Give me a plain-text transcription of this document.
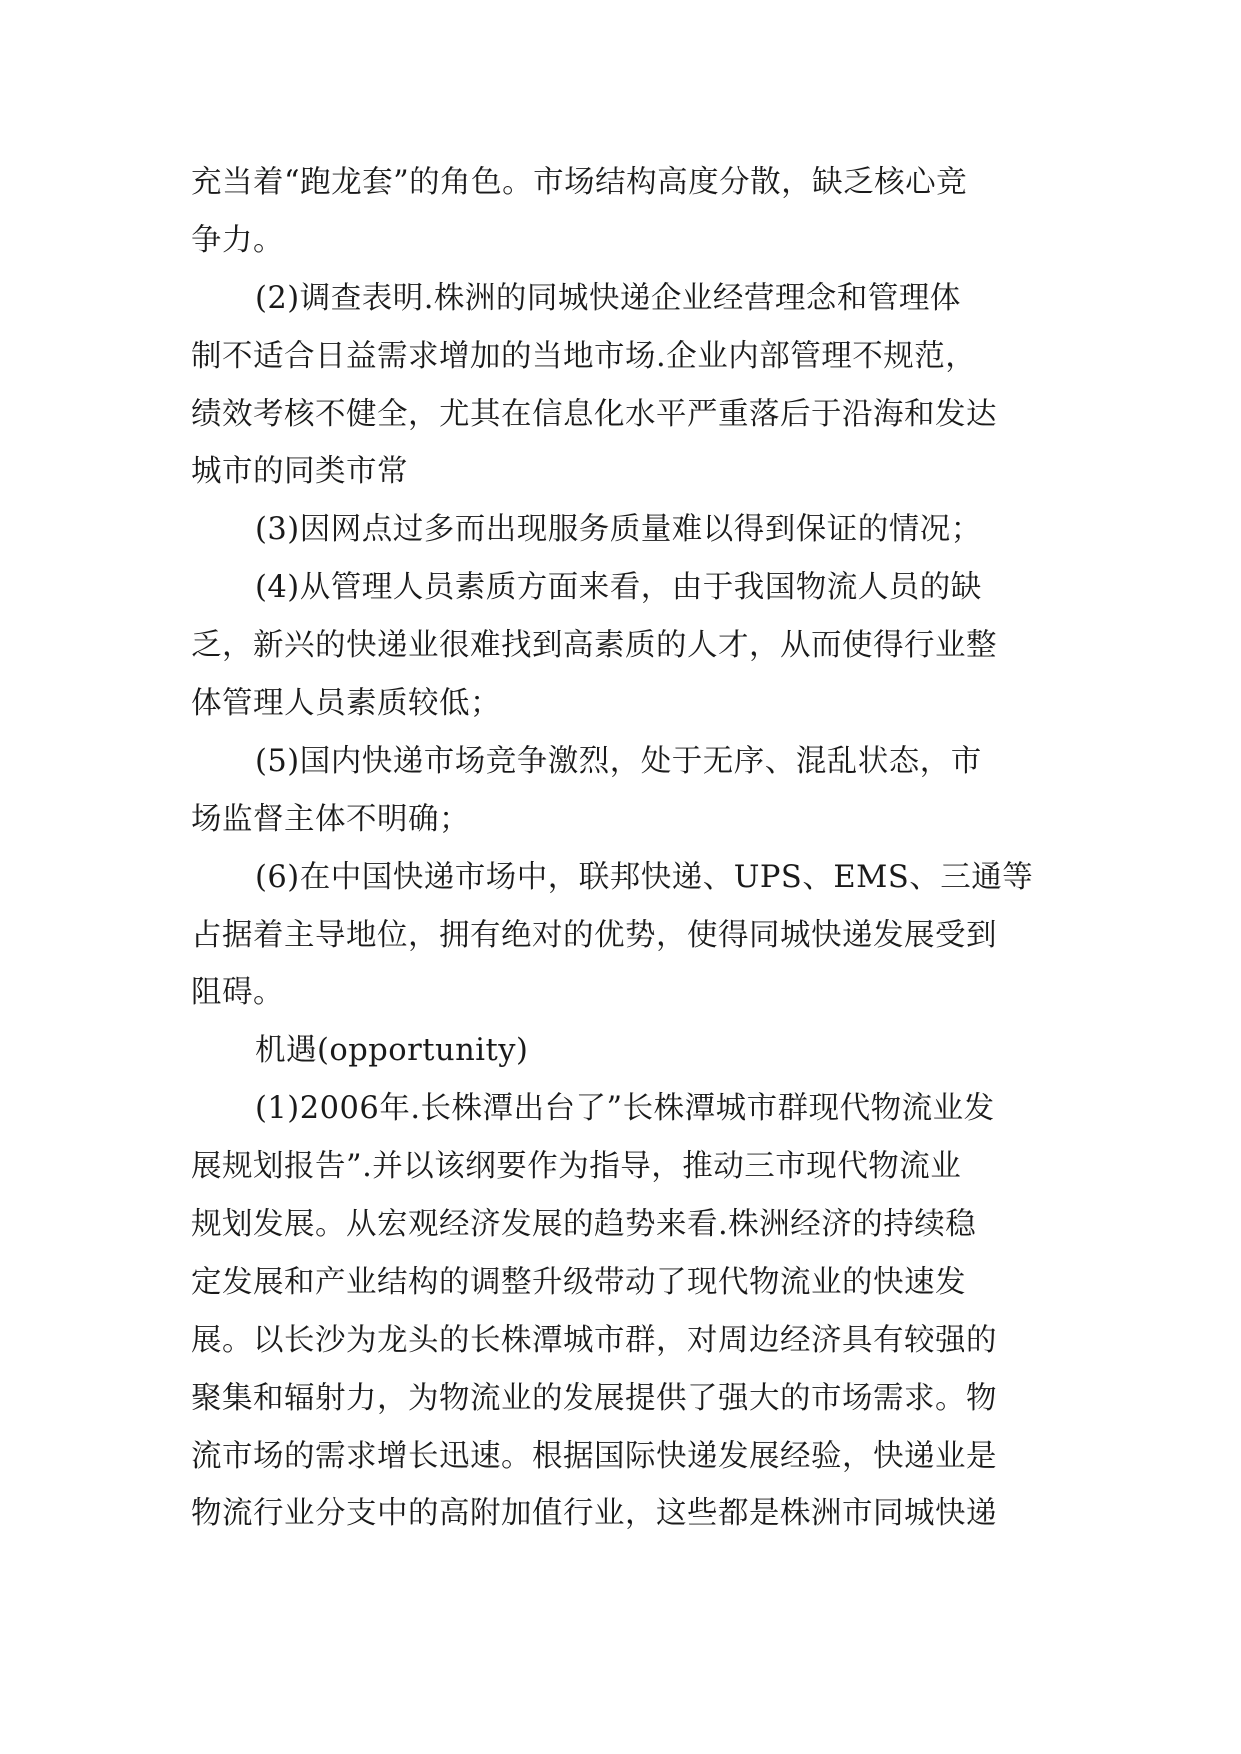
充当着“跑龙套”的角色。市场结构高度分散，缺乏核心竞
争力。
(2)调查表明.株洲的同城快递企业经营理念和管理体
制不适合日益需求增加的当地市场.企业内部管理不规范，
绩效考核不健全，尤其在信息化水平严重落后于沿海和发达
城市的同类市常
(3)因网点过多而出现服务质量难以得到保证的情况；
(4)从管理人员素质方面来看，由于我国物流人员的缺
乏，新兴的快递业很难找到高素质的人才，从而使得行业整
体管理人员素质较低；
(5)国内快递市场竞争激烈，处于无序、混乱状态，市
场监督主体不明确；
(6)在中国快递市场中，联邦快递、UPS、EMS、三通等
占据着主导地位，拥有绝对的优势，使得同城快递发展受到
阻碍。
机遇(opportunity)
(1)2006年.长株潭出台了”长株潭城市群现代物流业发
展规划报告”.并以该纲要作为指导，推动三市现代物流业
规划发展。从宏观经济发展的趋势来看.株洲经济的持续稳
定发展和产业结构的调整升级带动了现代物流业的快速发
展。以长沙为龙头的长株潭城市群，对周边经济具有较强的
聚集和辐射力，为物流业的发展提供了强大的市场需求。物
流市场的需求增长迅速。根据国际快递发展经验，快递业是
物流行业分支中的高附加值行业，这些都是株洲市同城快递
